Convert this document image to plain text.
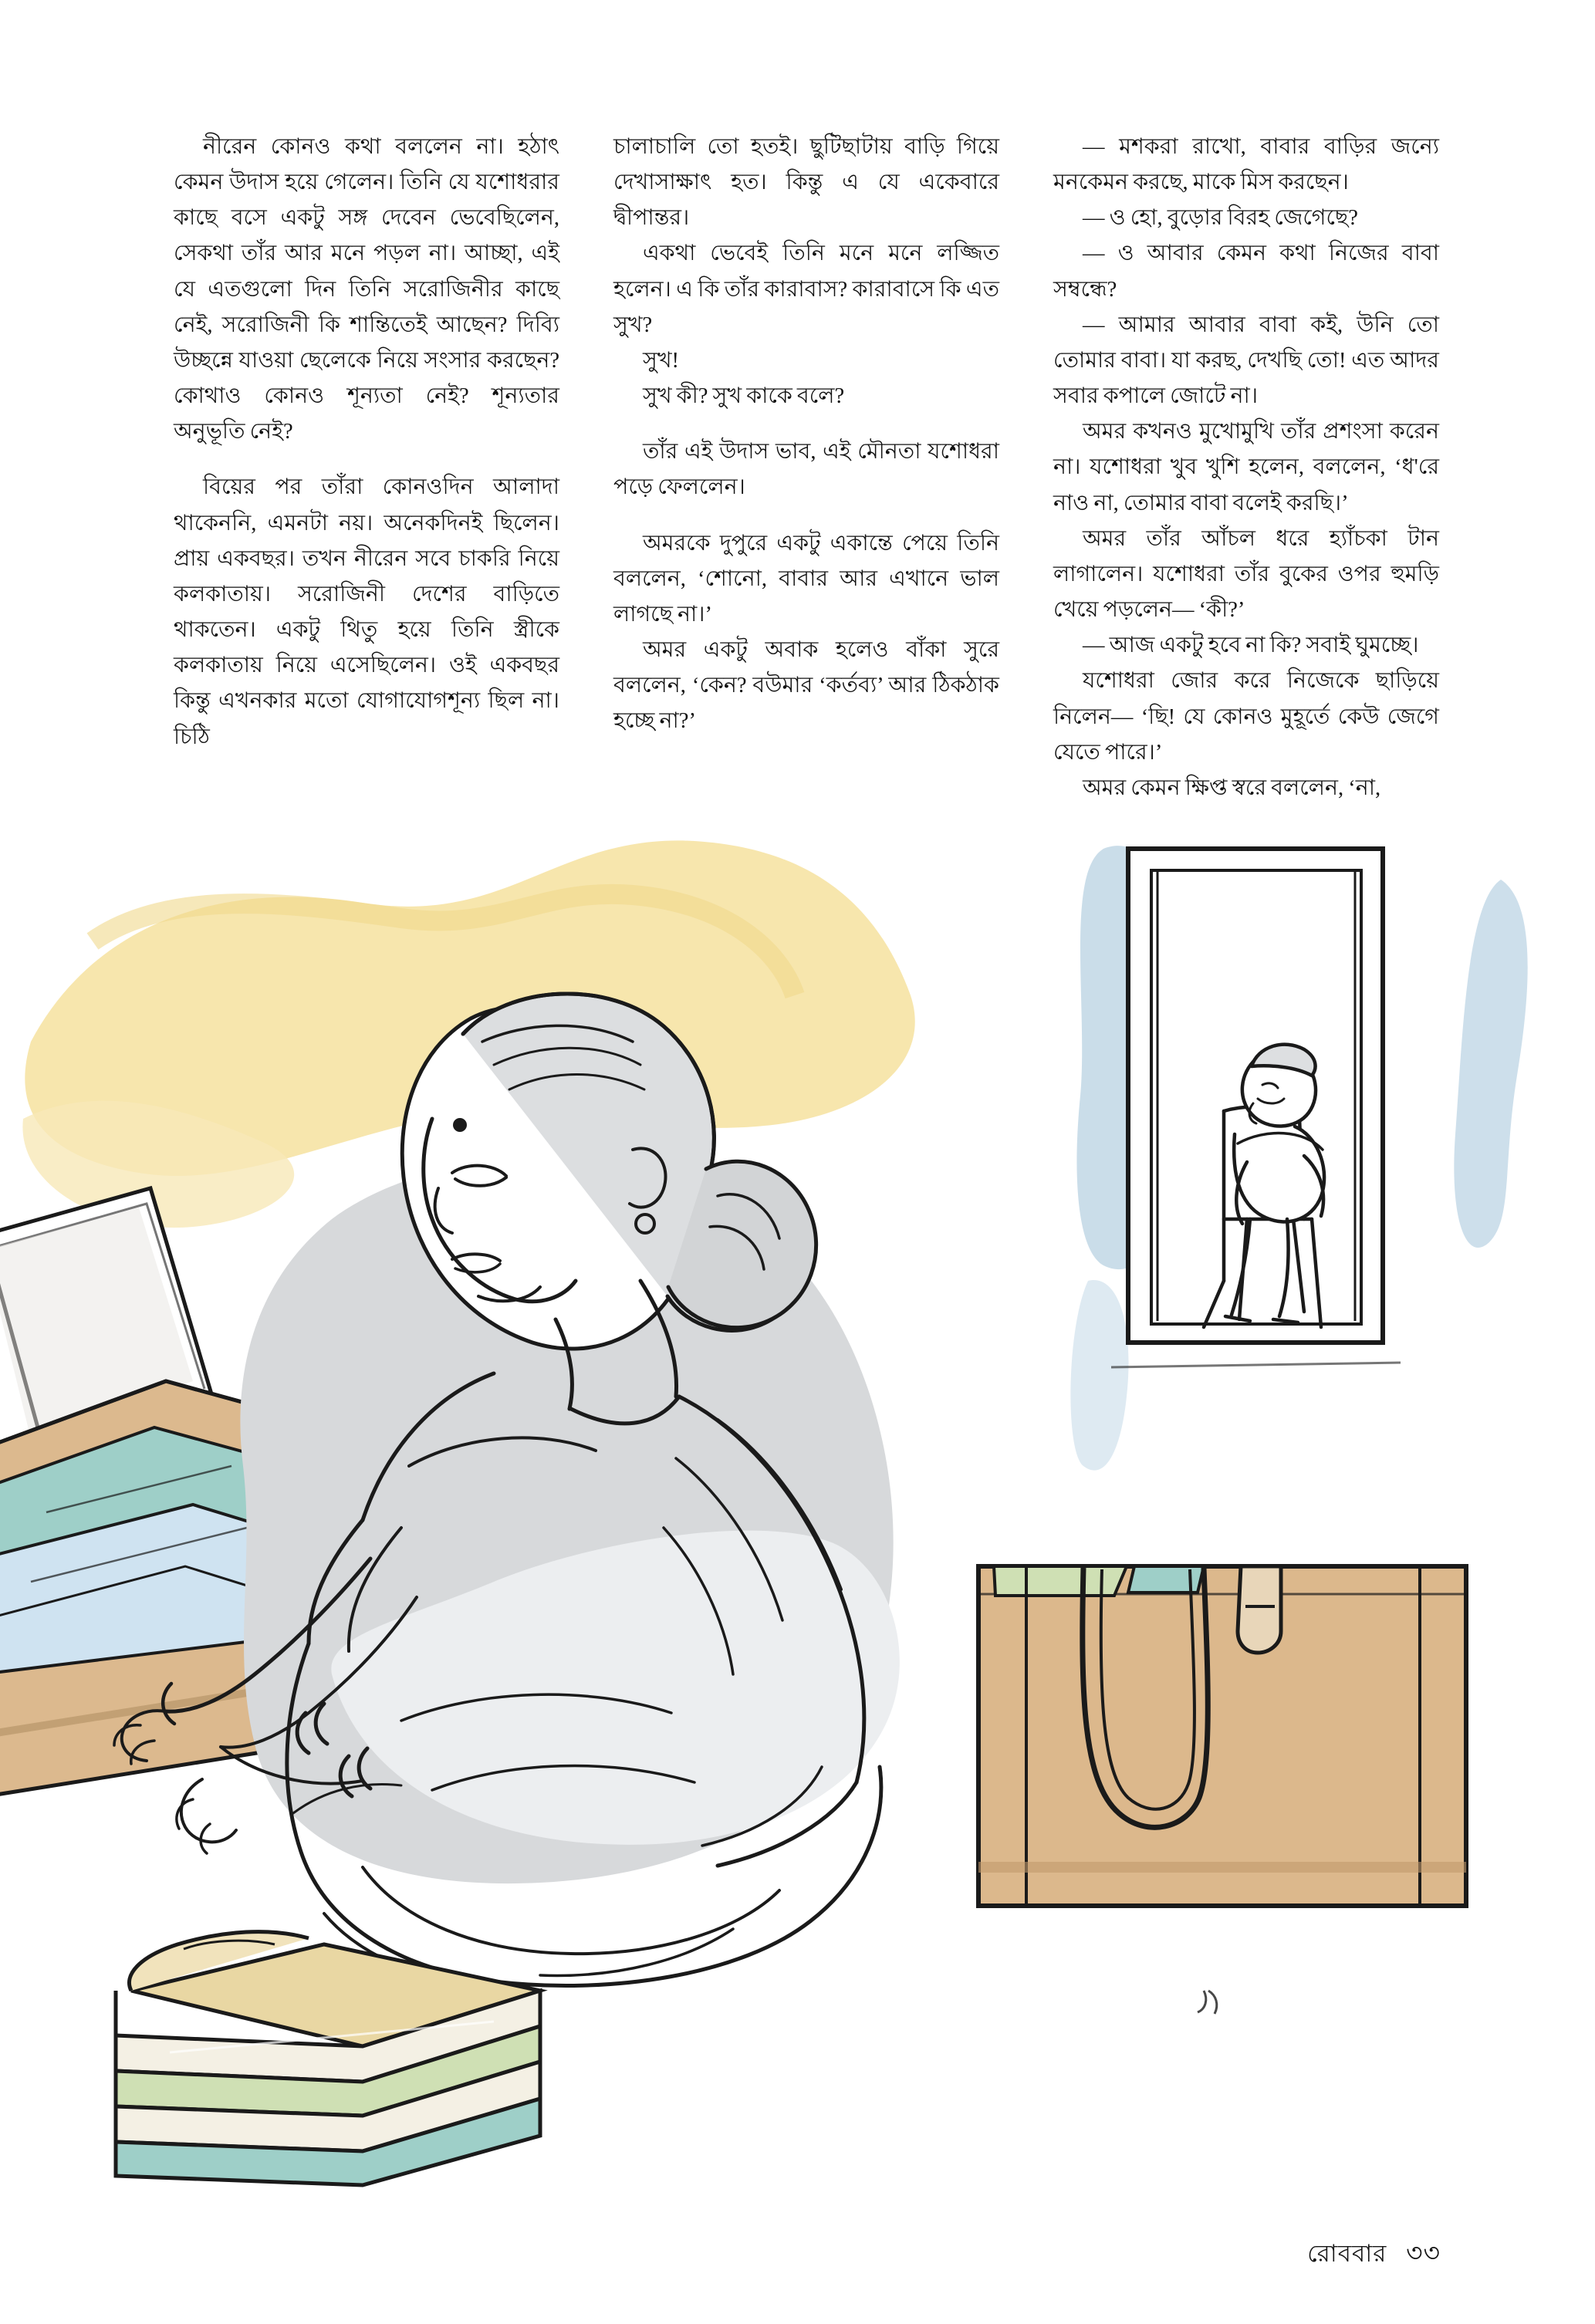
নীরেন কোনও কথা বললেন না। হঠাৎ কেমন উদাস হয়ে গেলেন। তিনি যে যশোধরার কাছে বসে একটু সঙ্গ দেবেন ভেবেছিলেন, সেকথা তাঁর আর মনে পড়ল না। আচ্ছা, এই যে এতগুলো দিন তিনি সরোজিনীর কাছে নেই, সরোজিনী কি শান্তিতেই আছেন? দিব্যি উচ্ছন্নে যাওয়া ছেলেকে নিয়ে সংসার করছেন? কোথাও কোনও শূন্যতা নেই? শূন্যতার অনুভূতি নেই?

বিয়ের পর তাঁরা কোনওদিন আলাদা থাকেননি, এমনটা নয়। অনেকদিনই ছিলেন। প্রায় একবছর। তখন নীরেন সবে চাকরি নিয়ে কলকাতায়। সরোজিনী দেশের বাড়িতে থাকতেন। একটু থিতু হয়ে তিনি স্ত্রীকে কলকাতায় নিয়ে এসেছিলেন। ওই একবছর কিন্তু এখনকার মতো যোগাযোগশূন্য ছিল না। চিঠি

চালাচালি তো হতই। ছুটিছাটায় বাড়ি গিয়ে দেখাসাক্ষাৎ হত। কিন্তু এ যে একেবারে দ্বীপান্তর।

একথা ভেবেই তিনি মনে মনে লজ্জিত হলেন। এ কি তাঁর কারাবাস? কারাবাসে কি এত সুখ?

সুখ!

সুখ কী? সুখ কাকে বলে?

তাঁর এই উদাস ভাব, এই মৌনতা যশোধরা পড়ে ফেললেন।

অমরকে দুপুরে একটু একান্তে পেয়ে তিনি বললেন, ‘শোনো, বাবার আর এখানে ভাল লাগছে না।’

অমর একটু অবাক হলেও বাঁকা সুরে বললেন, ‘কেন? বউমার ‘কর্তব্য’ আর ঠিকঠাক হচ্ছে না?’

— মশকরা রাখো, বাবার বাড়ির জন্যে মনকেমন করছে, মাকে মিস করছেন।

— ও হো, বুড়োর বিরহ জেগেছে?

— ও আবার কেমন কথা নিজের বাবা সম্বন্ধে?

— আমার আবার বাবা কই, উনি তো তোমার বাবা। যা করছ, দেখছি তো! এত আদর সবার কপালে জোটে না।

অমর কখনও মুখোমুখি তাঁর প্রশংসা করেন না। যশোধরা খুব খুশি হলেন, বললেন, ‘ধ'রে নাও না, তোমার বাবা বলেই করছি।’

অমর তাঁর আঁচল ধরে হ্যাঁচকা টান লাগালেন। যশোধরা তাঁর বুকের ওপর হুমড়ি খেয়ে পড়লেন— ‘কী?’

— আজ একটু হবে না কি? সবাই ঘুমচ্ছে।

যশোধরা জোর করে নিজেকে ছাড়িয়ে নিলেন— ‘ছি! যে কোনও মুহূর্তে কেউ জেগে যেতে পারে।’

অমর কেমন ক্ষিপ্ত স্বরে বললেন, ‘না,

রোববার ৩৩
